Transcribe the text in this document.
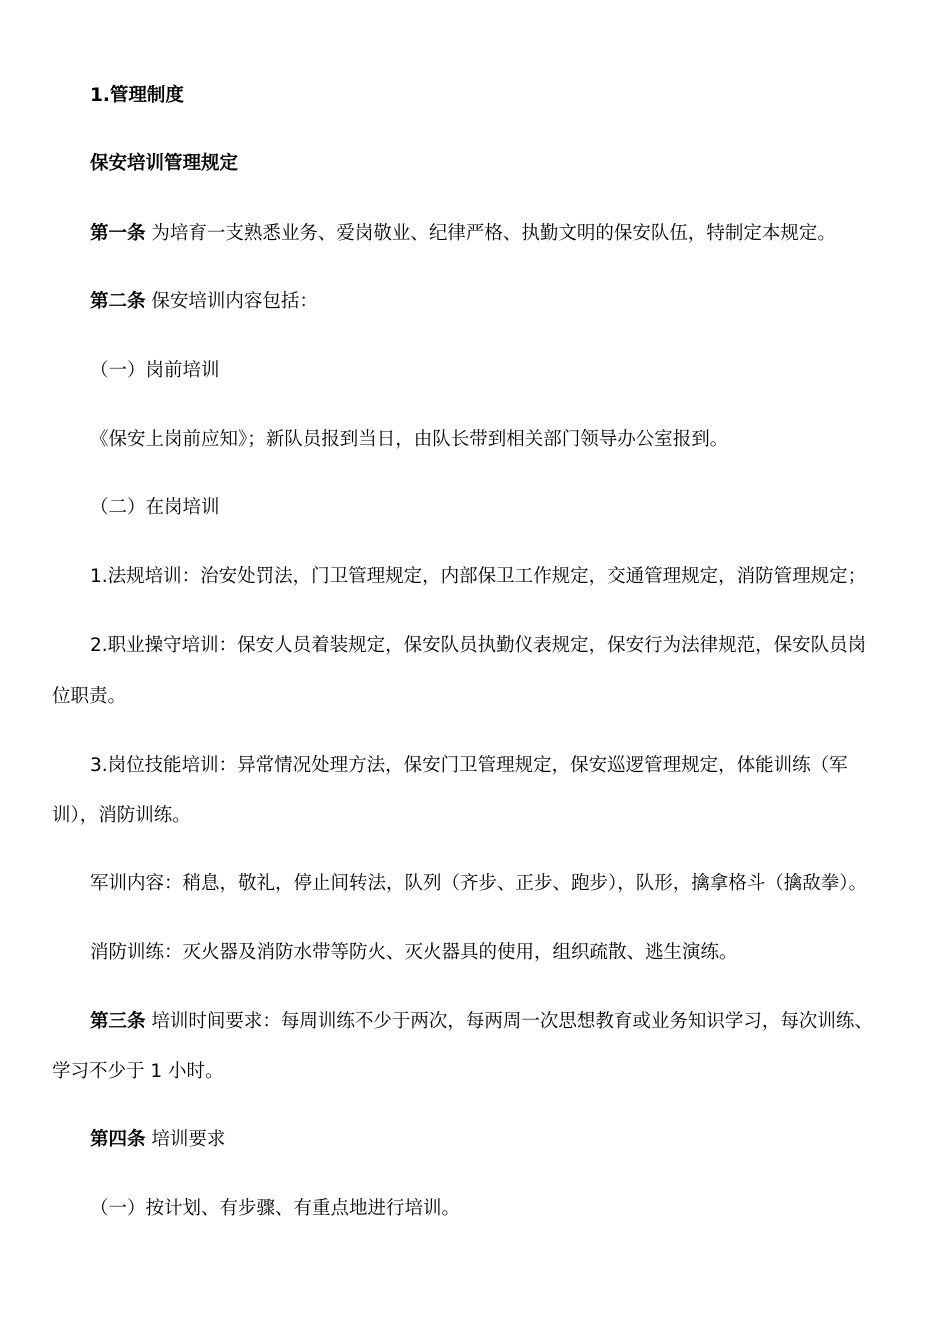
1.管理制度
保安培训管理规定
第一条 为培育一支熟悉业务、爱岗敬业、纪律严格、执勤文明的保安队伍，特制定本规定。
第二条 保安培训内容包括：
（一）岗前培训
《保安上岗前应知》；新队员报到当日，由队长带到相关部门领导办公室报到。
（二）在岗培训
1.法规培训：治安处罚法，门卫管理规定，内部保卫工作规定，交通管理规定，消防管理规定；
2.职业操守培训：保安人员着装规定，保安队员执勤仪表规定，保安行为法律规范，保安队员岗
位职责。
3.岗位技能培训：异常情况处理方法，保安门卫管理规定，保安巡逻管理规定，体能训练（军
训），消防训练。
军训内容：稍息，敬礼，停止间转法，队列（齐步、正步、跑步），队形，擒拿格斗（擒敌拳）。
消防训练：灭火器及消防水带等防火、灭火器具的使用，组织疏散、逃生演练。
第三条 培训时间要求：每周训练不少于两次，每两周一次思想教育或业务知识学习，每次训练、
学习不少于 1 小时。
第四条 培训要求
（一）按计划、有步骤、有重点地进行培训。
